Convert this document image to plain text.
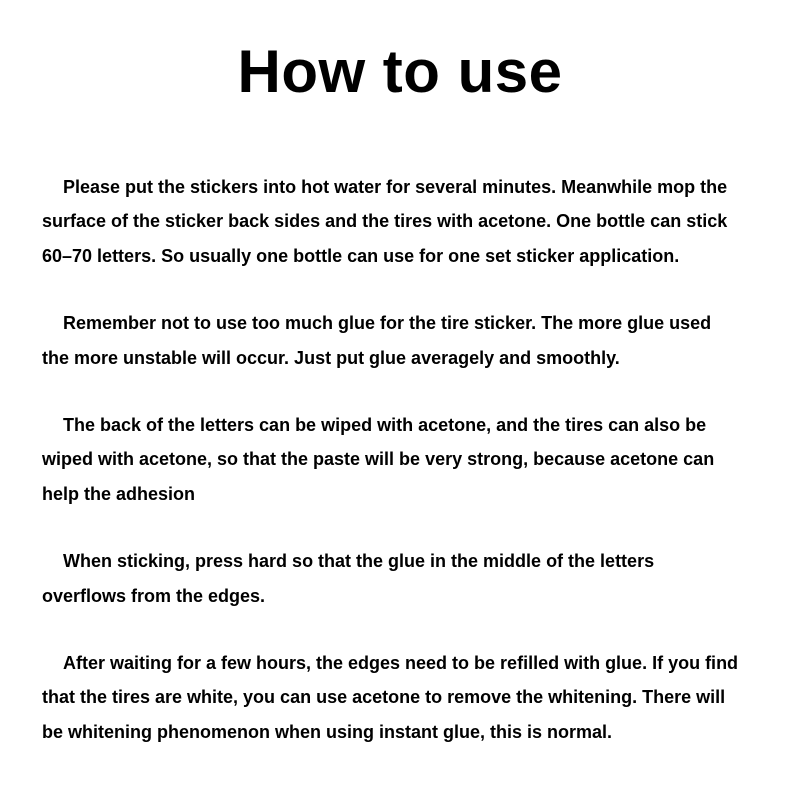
How to use

Please put the stickers into hot water for several minutes. Meanwhile mop the
surface of the sticker back sides and the tires with acetone. One bottle can stick
60–70 letters. So usually one bottle can use for one set sticker application.

Remember not to use too much glue for the tire sticker. The more glue used
the more unstable will occur. Just put glue averagely and smoothly.

The back of the letters can be wiped with acetone, and the tires can also be
wiped with acetone, so that the paste will be very strong, because acetone can
help the adhesion

When sticking, press hard so that the glue in the middle of the letters
overflows from the edges.

After waiting for a few hours, the edges need to be refilled with glue. If you find
that the tires are white, you can use acetone to remove the whitening. There will
be whitening phenomenon when using instant glue, this is normal.
